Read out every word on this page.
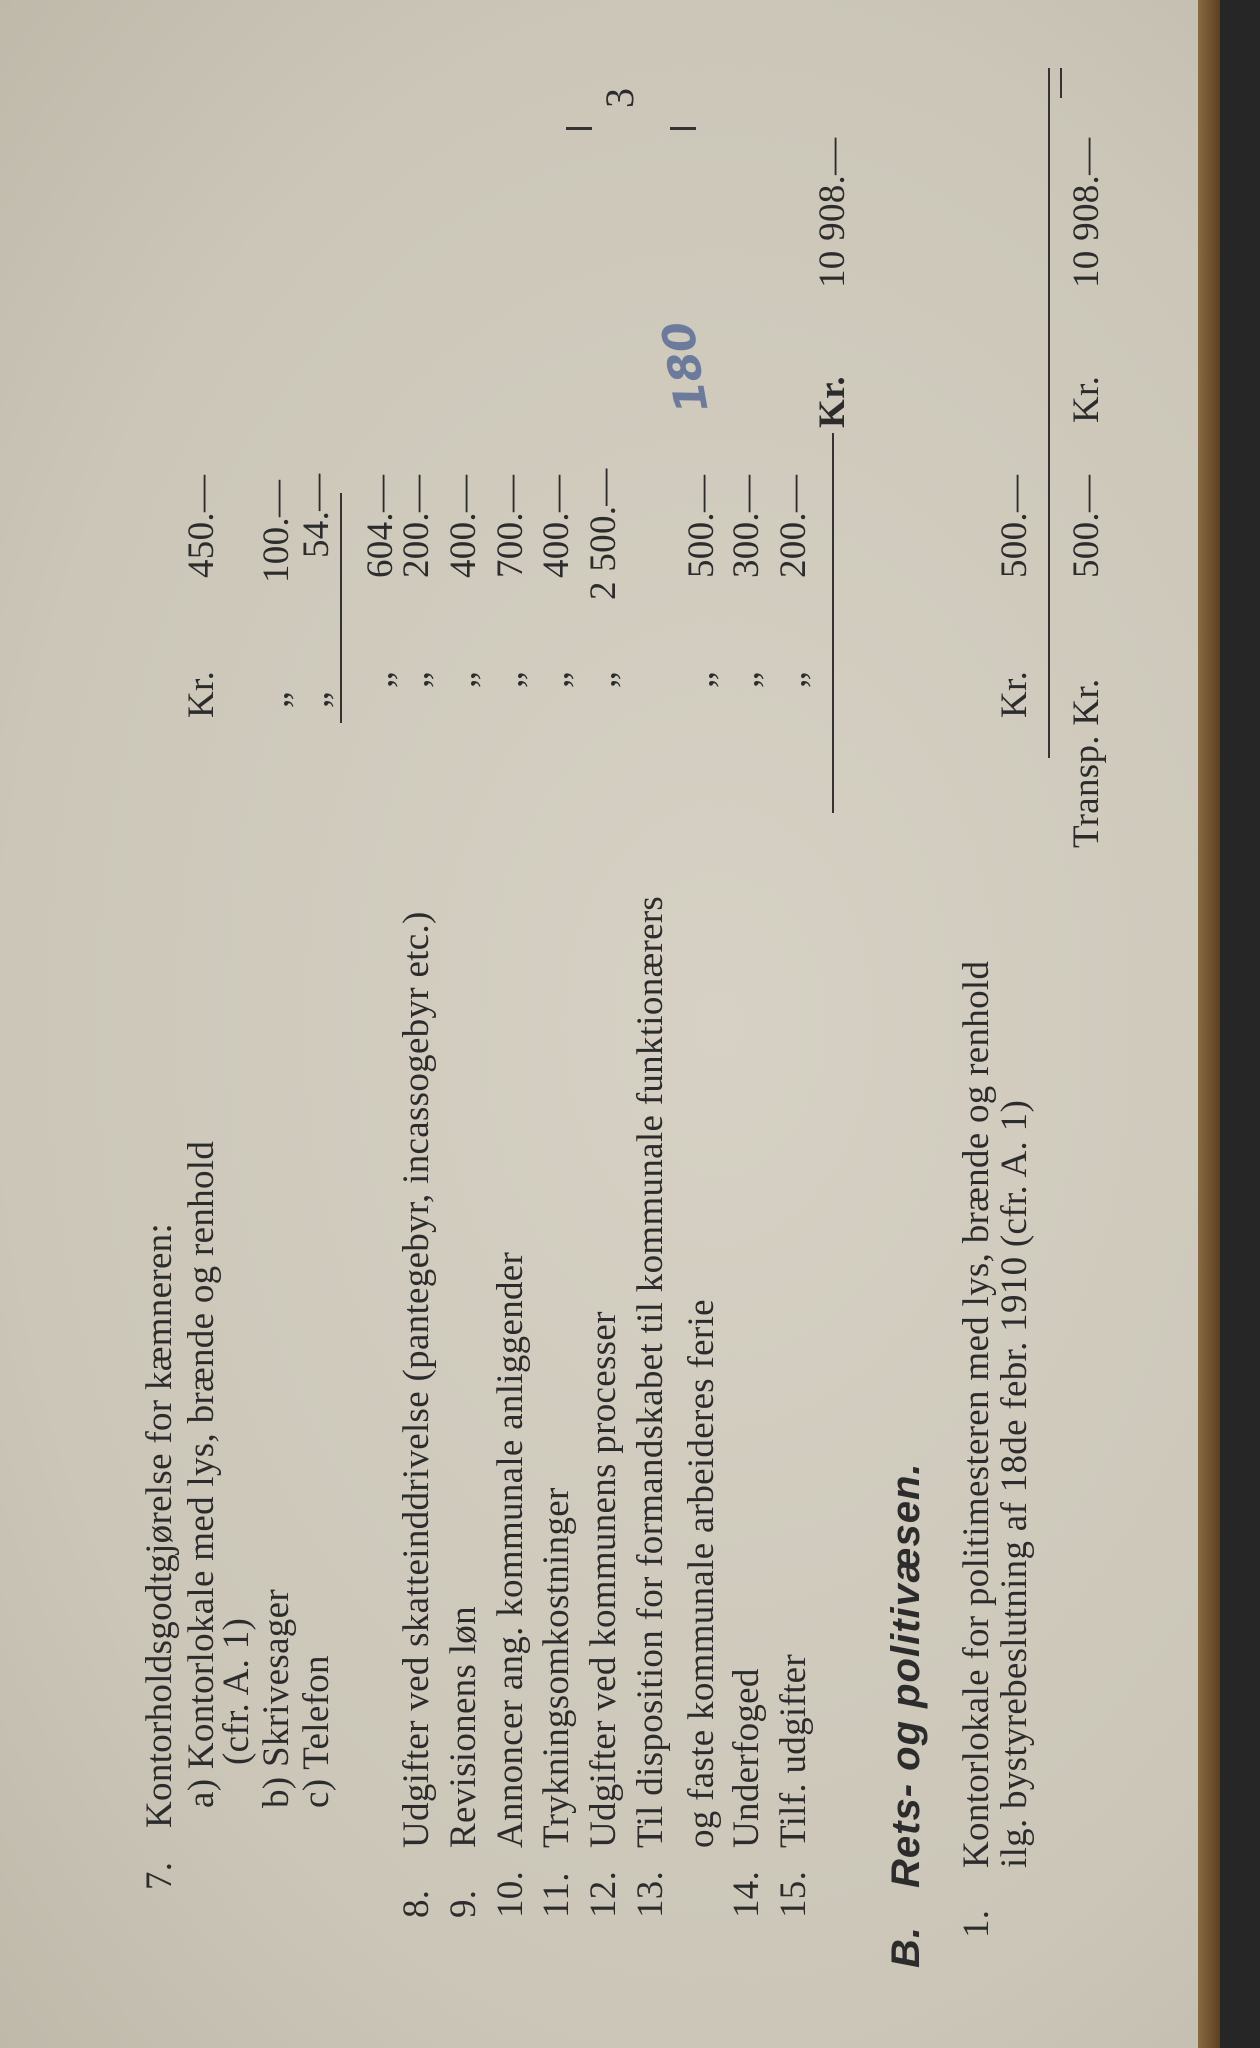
7.
Kontorholdsgodtgjørelse for kæmneren: a) Kontorlokale med lys, brænde og renhold
Kr.
450.—
(cfr. A. 1) b) Skrivesager
„
100.—
c) Telefon
„
54.—
„
604.—
8.
Udgifter ved skatteinddrivelse (pantegebyr, incassogebyr etc.)
„
200.—
9.
Revisionens løn
„
400.—
10.
Annoncer ang. kommunale anliggender
„
700.—
11.
Trykningsomkostninger
„
400.—
12.
Udgifter ved kommunens processer
„
2 500.—
13.
Til disposition for formandskabet til kommunale funktionærers og faste kommunale arbeideres ferie
„
500.—
180
14.
Underfoged
„
300.—
15.
Tilf. udgifter
„
200.—
Kr.
10 908.—
B.
Rets- og politivæsen.
1.
Kontorlokale for politimesteren med lys, brænde og renhold
ilg. bystyrebeslutning af 18de febr. 1910 (cfr. A. 1)
Kr.
500.—
Transp. Kr.
500.—
Kr.
10 908.—
3
